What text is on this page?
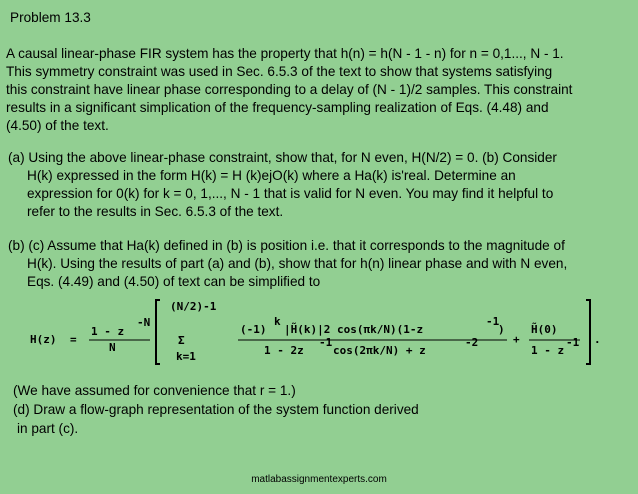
Problem 13.3
A causal linear-phase FIR system has the property that h(n) = h(N - 1 - n) for n = 0,1..., N - 1.
This symmetry constraint was used in Sec. 6.5.3 of the text to show that systems satisfying
this constraint have linear phase corresponding to a delay of (N - 1)/2 samples. This constraint
results in a significant simplication of the frequency-sampling realization of Eqs. (4.48) and
(4.50) of the text.
(a) Using the above linear-phase constraint, show that, for N even, H(N/2) = 0. (b) Consider
H(k) expressed in the form H(k) = H (k)ejO(k) where a Ha(k) is'real. Determine an
expression for 0(k) for k = 0, 1,..., N - 1 that is valid for N even. You may find it helpful to
refer to the results in Sec. 6.5.3 of the text.
(b) (c) Assume that Ha(k) defined in (b) is position i.e. that it corresponds to the magnitude of
H(k). Using the results of part (a) and (b), show that for h(n) linear phase and with N even,
Eqs. (4.49) and (4.50) of text can be simplified to
H(z) =
1 - z
-N
N
(N/2)-1
Σ
k=1
(-1)
k
|H̃(k)|2 cos(πk/N)(1-z
-1
)
1 - 2z
-1
cos(2πk/N) + z
-2	+
H̃(0)
1 - z
-1 .
(We have assumed for convenience that r = 1.)
(d) Draw a flow-graph representation of the system function derived
in part (c).
matlabassignmentexperts.com
